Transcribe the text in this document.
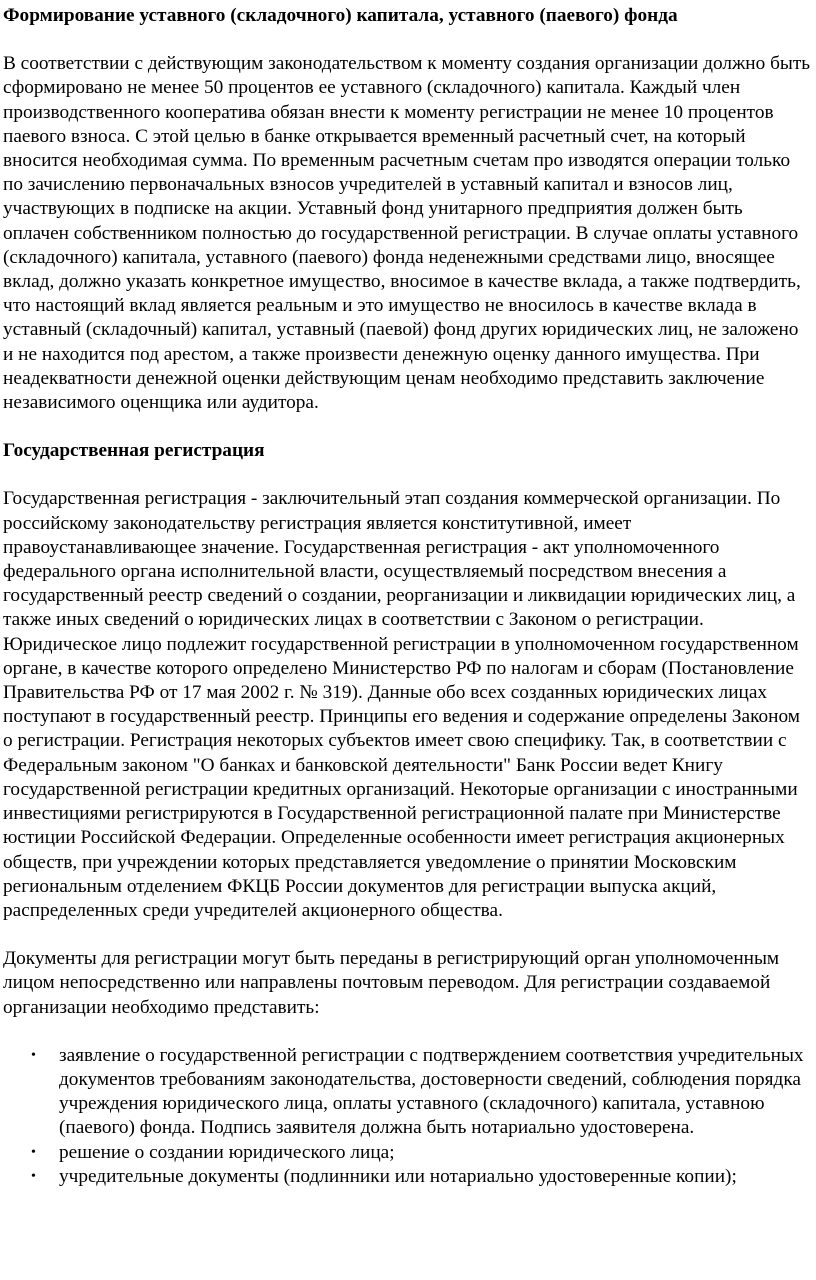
Формирование уставного (складочного) капитала, уставного (паевого) фонда
В соответствии с действующим законодательством к моменту создания организации должно быть сформировано не менее 50 процентов ее уставного (складочного) капитала. Каждый член производственного кооператива обязан внести к моменту регистрации не менее 10 процентов паевого взноса. С этой целью в банке открывается временный расчетный счет, на который вносится необходимая сумма. По временным расчетным счетам про изводятся операции только по зачислению первоначальных взносов учредителей в уставный капитал и взносов лиц, участвующих в подписке на акции. Уставный фонд унитарного предприятия должен быть оплачен собственником полностью до государственной регистрации. В случае оплаты уставного (складочного) капитала, уставного (паевого) фонда неденежными средствами лицо, вносящее вклад, должно указать конкретное имущество, вносимое в качестве вклада, а также подтвердить, что настоящий вклад является реальным и это имущество не вносилось в качестве вклада в уставный (складочный) капитал, уставный (паевой) фонд других юридических лиц, не заложено и не находится под арестом, а также произвести денежную оценку данного имущества. При неадекватности денежной оценки действующим ценам необходимо представить заключение независимого оценщика или аудитора.
Государственная регистрация
Государственная регистрация - заключительный этап создания коммерческой организации. По российскому законодательству регистрация является конститутивной, имеет правоустанавливающее значение. Государственная регистрация - акт уполномоченного федерального органа исполнительной власти, осуществляемый посредством внесения а государственный реестр сведений о создании, реорганизации и ликвидации юридических лиц, а также иных сведений о юридических лицах в соответствии с Законом о регистрации. Юридическое лицо подлежит государственной регистрации в уполномоченном государственном органе, в качестве которого определено Министерство РФ по налогам и сборам (Постановление Правительства РФ от 17 мая 2002 г. № 319). Данные обо всех созданных юридических лицах поступают в государственный реестр. Принципы его ведения и содержание определены Законом о регистрации. Регистрация некоторых субъектов имеет свою специфику. Так, в соответствии с Федеральным законом "О банках и банковской деятельности" Банк России ведет Книгу государственной регистрации кредитных организаций. Некоторые организации с иностранными инвестициями регистрируются в Государственной регистрационной палате при Министерстве юстиции Российской Федерации. Определенные особенности имеет регистрация акционерных обществ, при учреждении которых представляется уведомление о принятии Московским региональным отделением ФКЦБ России документов для регистрации выпуска акций, распределенных среди учредителей акционерного общества.
Документы для регистрации могут быть переданы в регистрирующий орган уполномоченным лицом непосредственно или направлены почтовым переводом. Для регистрации создаваемой организации необходимо представить:
• заявление о государственной регистрации с подтверждением соответствия учредительных документов требованиям законодательства, достоверности сведений, соблюдения порядка учреждения юридического лица, оплаты уставного (складочного) капитала, уставною (паевого) фонда. Подпись заявителя должна быть нотариально удостоверена.
• решение о создании юридического лица;
• учредительные документы (подлинники или нотариально удостоверенные копии);
